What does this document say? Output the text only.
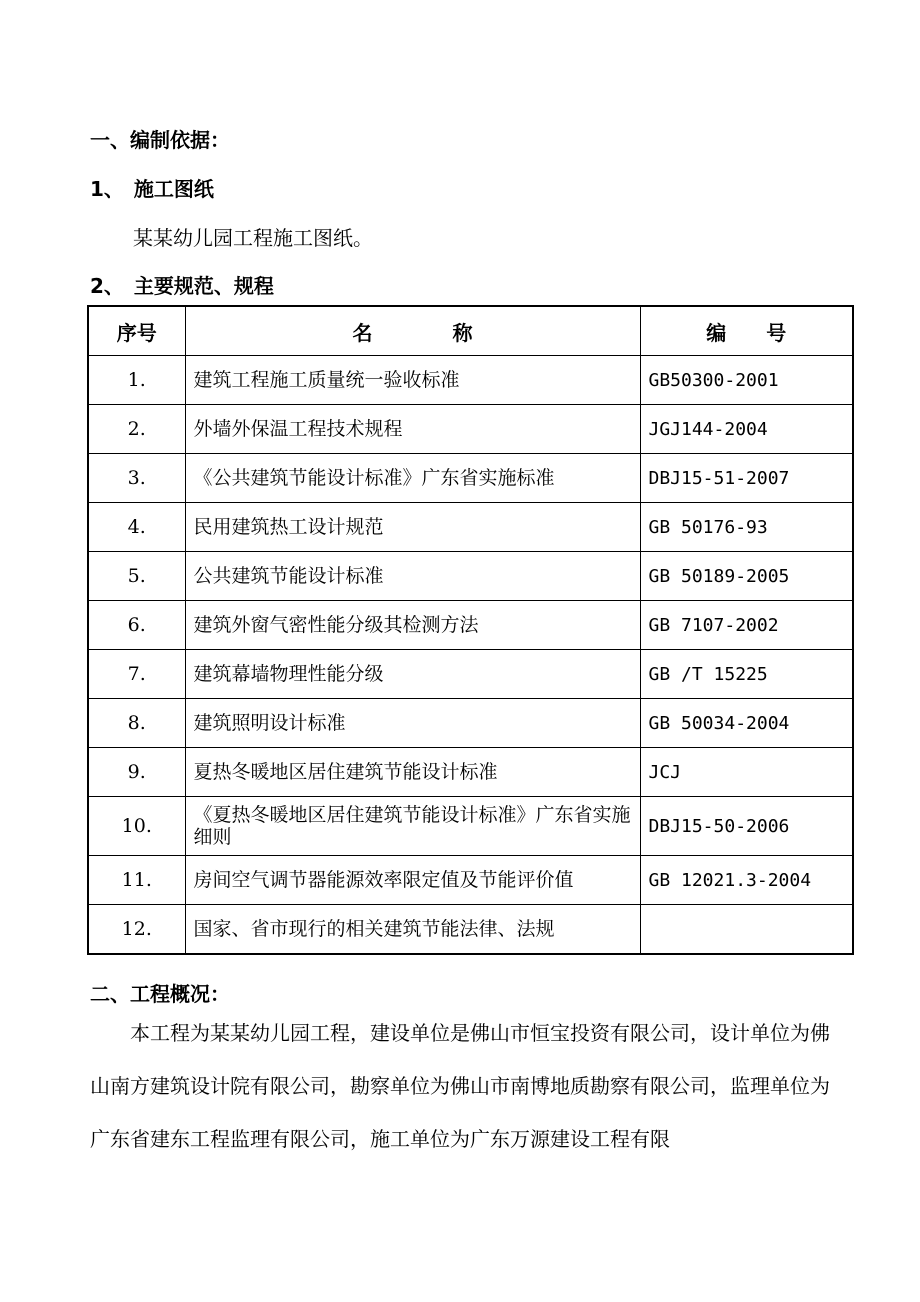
一、编制依据：
1、　施工图纸
某某幼儿园工程施工图纸。
2、　主要规范、规程
序号	名　　　　称	编　　号
1.	建筑工程施工质量统一验收标准	GB50300-2001
2.	外墙外保温工程技术规程	JGJ144-2004
3.	《公共建筑节能设计标准》广东省实施标准	DBJ15-51-2007
4.	民用建筑热工设计规范	GB 50176-93
5.	公共建筑节能设计标准	GB 50189-2005
6.	建筑外窗气密性能分级其检测方法	GB 7107-2002
7.	建筑幕墙物理性能分级	GB /T 15225
8.	建筑照明设计标准	GB 50034-2004
9.	夏热冬暖地区居住建筑节能设计标准	JCJ
10.	《夏热冬暖地区居住建筑节能设计标准》广东省实施细则	DBJ15-50-2006
11.	房间空气调节器能源效率限定值及节能评价值	GB 12021.3-2004
12.	国家、省市现行的相关建筑节能法律、法规	
二、工程概况：
本工程为某某幼儿园工程，建设单位是佛山市恒宝投资有限公司，设计单位为佛山南方建筑设计院有限公司，勘察单位为佛山市南博地质勘察有限公司，监理单位为广东省建东工程监理有限公司，施工单位为广东万源建设工程有限
